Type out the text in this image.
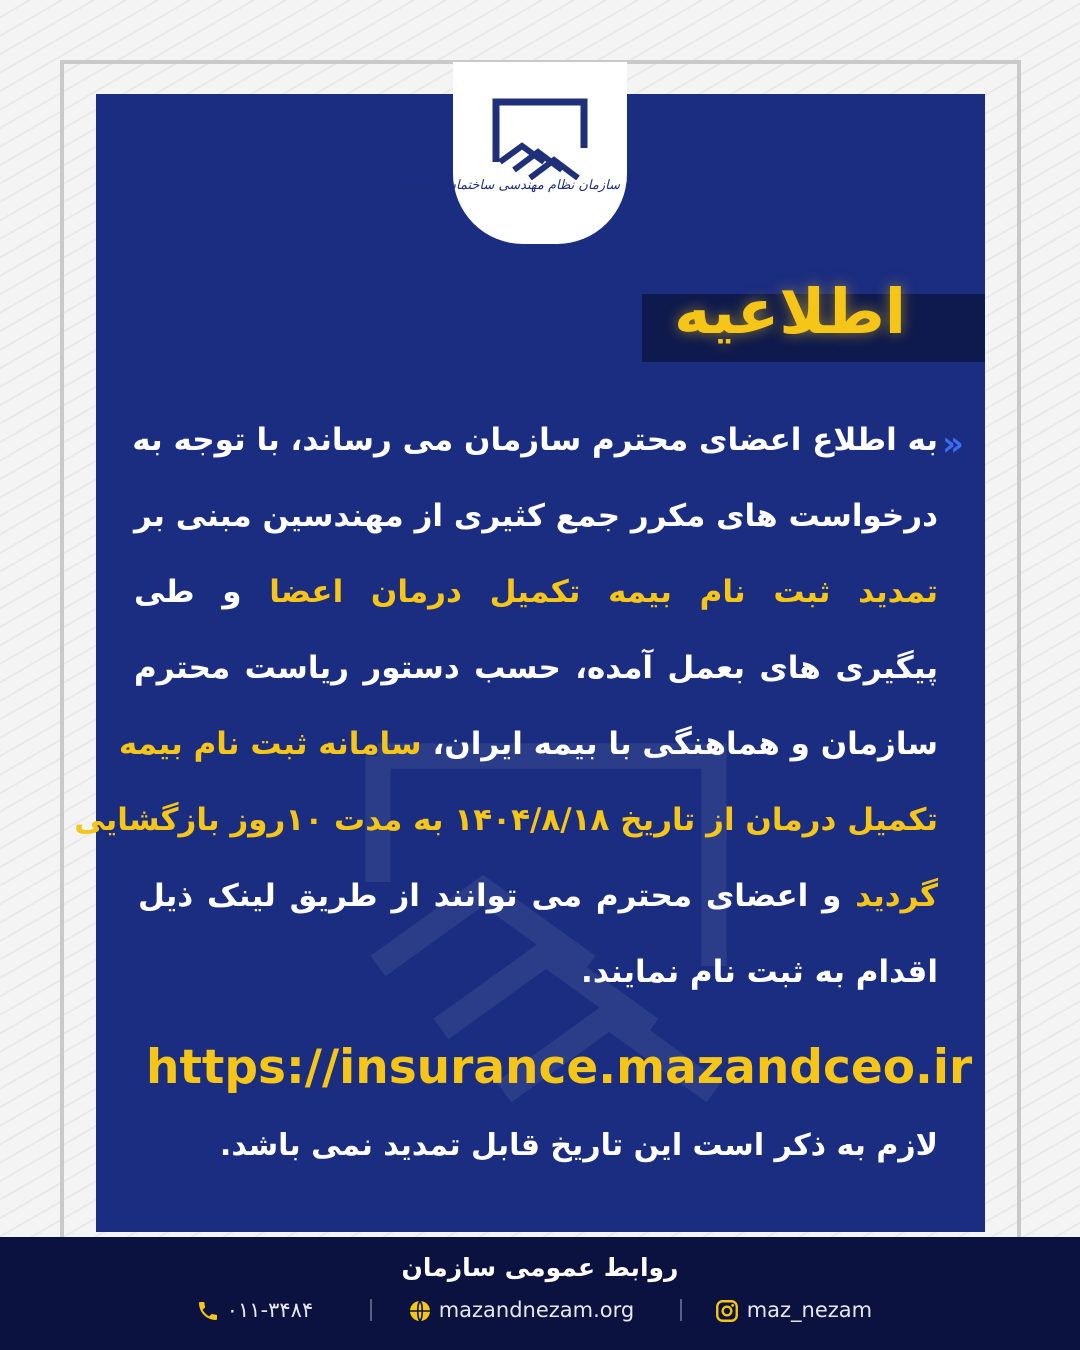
سازمان نظام مهندسی ساختمان مازندران
اطلاعیه
»
به اطلاع اعضای محترم سازمان می رساند، با توجه به
درخواست های مکرر جمع کثیری از مهندسین مبنی بر
تمدید ثبت نام بیمه تکمیل درمان اعضا و طی
پیگیری های بعمل آمده، حسب دستور ریاست محترم
سازمان و هماهنگی با بیمه ایران، سامانه ثبت نام بیمه
تکمیل درمان از تاریخ ۱۴۰۴/۸/۱۸ به مدت ۱۰روز بازگشایی
گردید و اعضای محترم می توانند از طریق لینک ذیل
اقدام به ثبت نام نمایند.
https://insurance.mazandceo.ir
لازم به ذکر است این تاریخ قابل تمدید نمی باشد.
روابط عمومی سازمان
۰۱۱-۳۴۸۴	mazandnezam.org	maz_nezam
